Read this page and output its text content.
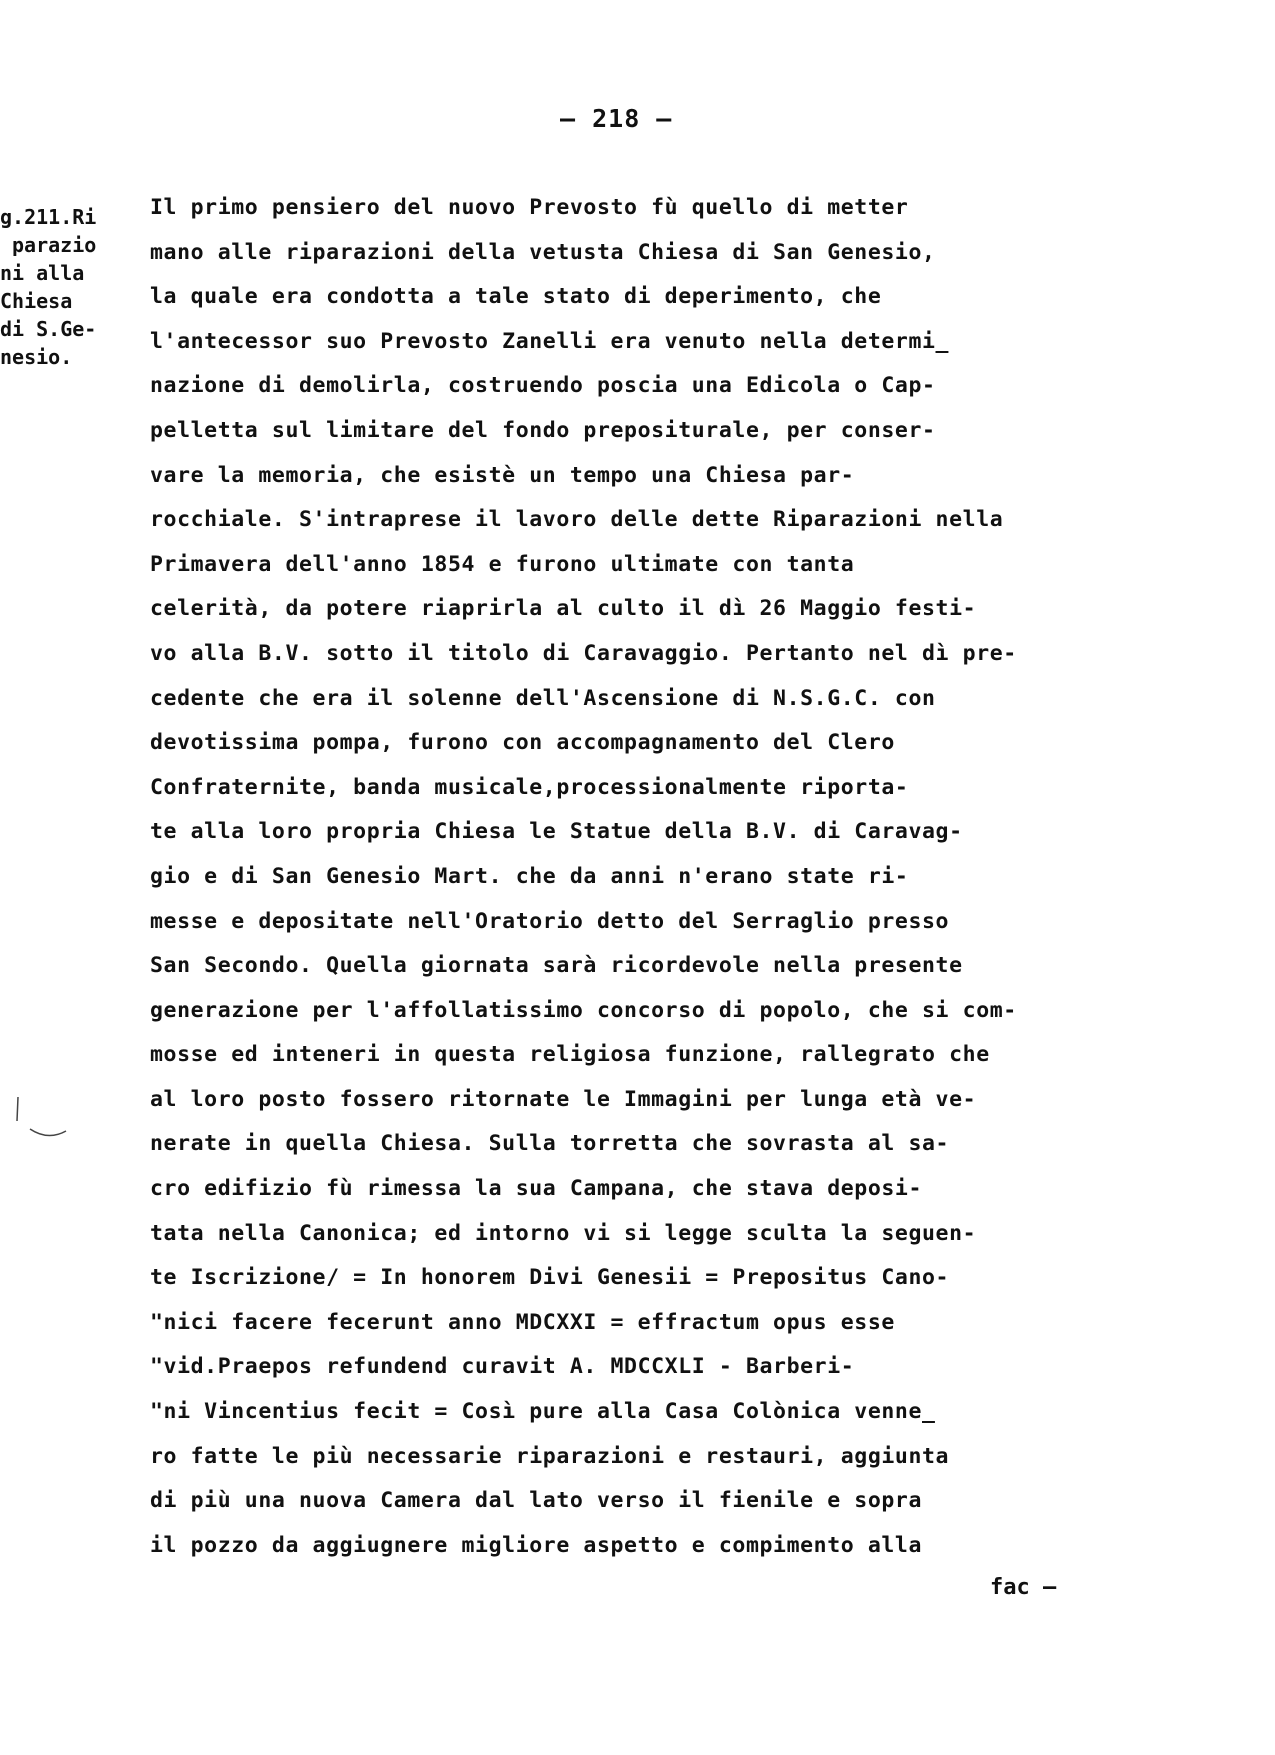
– 218 –
g.211.Ri
parazio
ni alla
Chiesa
di S.Ge-
nesio.
Il primo pensiero del nuovo Prevosto fù quello di metter
mano alle riparazioni della vetusta Chiesa di San Genesio,
la quale era condotta a tale stato di deperimento, che
l'antecessor suo Prevosto Zanelli era venuto nella determi_
nazione di demolirla, costruendo poscia una Edicola o Cap-
pelletta sul limitare del fondo prepositurale, per conser-
vare la memoria, che esistè un tempo una Chiesa par-
rocchiale. S'intraprese il lavoro delle dette Riparazioni nella
Primavera dell'anno 1854 e furono ultimate con tanta
celerità, da potere riaprirla al culto il dì 26 Maggio festi-
vo alla B.V. sotto il titolo di Caravaggio. Pertanto nel dì pre-
cedente che era il solenne dell'Ascensione di N.S.G.C. con
devotissima pompa, furono con accompagnamento del Clero
Confraternite, banda musicale,processionalmente riporta-
te alla loro propria Chiesa le Statue della B.V. di Caravag-
gio e di San Genesio Mart. che da anni n'erano state ri-
messe e depositate nell'Oratorio detto del Serraglio presso
San Secondo. Quella giornata sarà ricordevole nella presente
generazione per l'affollatissimo concorso di popolo, che si com-
mosse ed inteneri in questa religiosa funzione, rallegrato che
al loro posto fossero ritornate le Immagini per lunga età ve-
nerate in quella Chiesa. Sulla torretta che sovrasta al sa-
cro edifizio fù rimessa la sua Campana, che stava deposi-
tata nella Canonica; ed intorno vi si legge sculta la seguen-
te Iscrizione/ = In honorem Divi Genesii = Prepositus Cano-
"nici facere fecerunt anno MDCXXI = effractum opus esse
"vid.Praepos refundend curavit A. MDCCXLI - Barberi-
"ni Vincentius fecit = Così pure alla Casa Colònica venne_
ro fatte le più necessarie riparazioni e restauri, aggiunta
di più una nuova Camera dal lato verso il fienile e sopra
il pozzo da aggiugnere migliore aspetto e compimento alla
fac –
